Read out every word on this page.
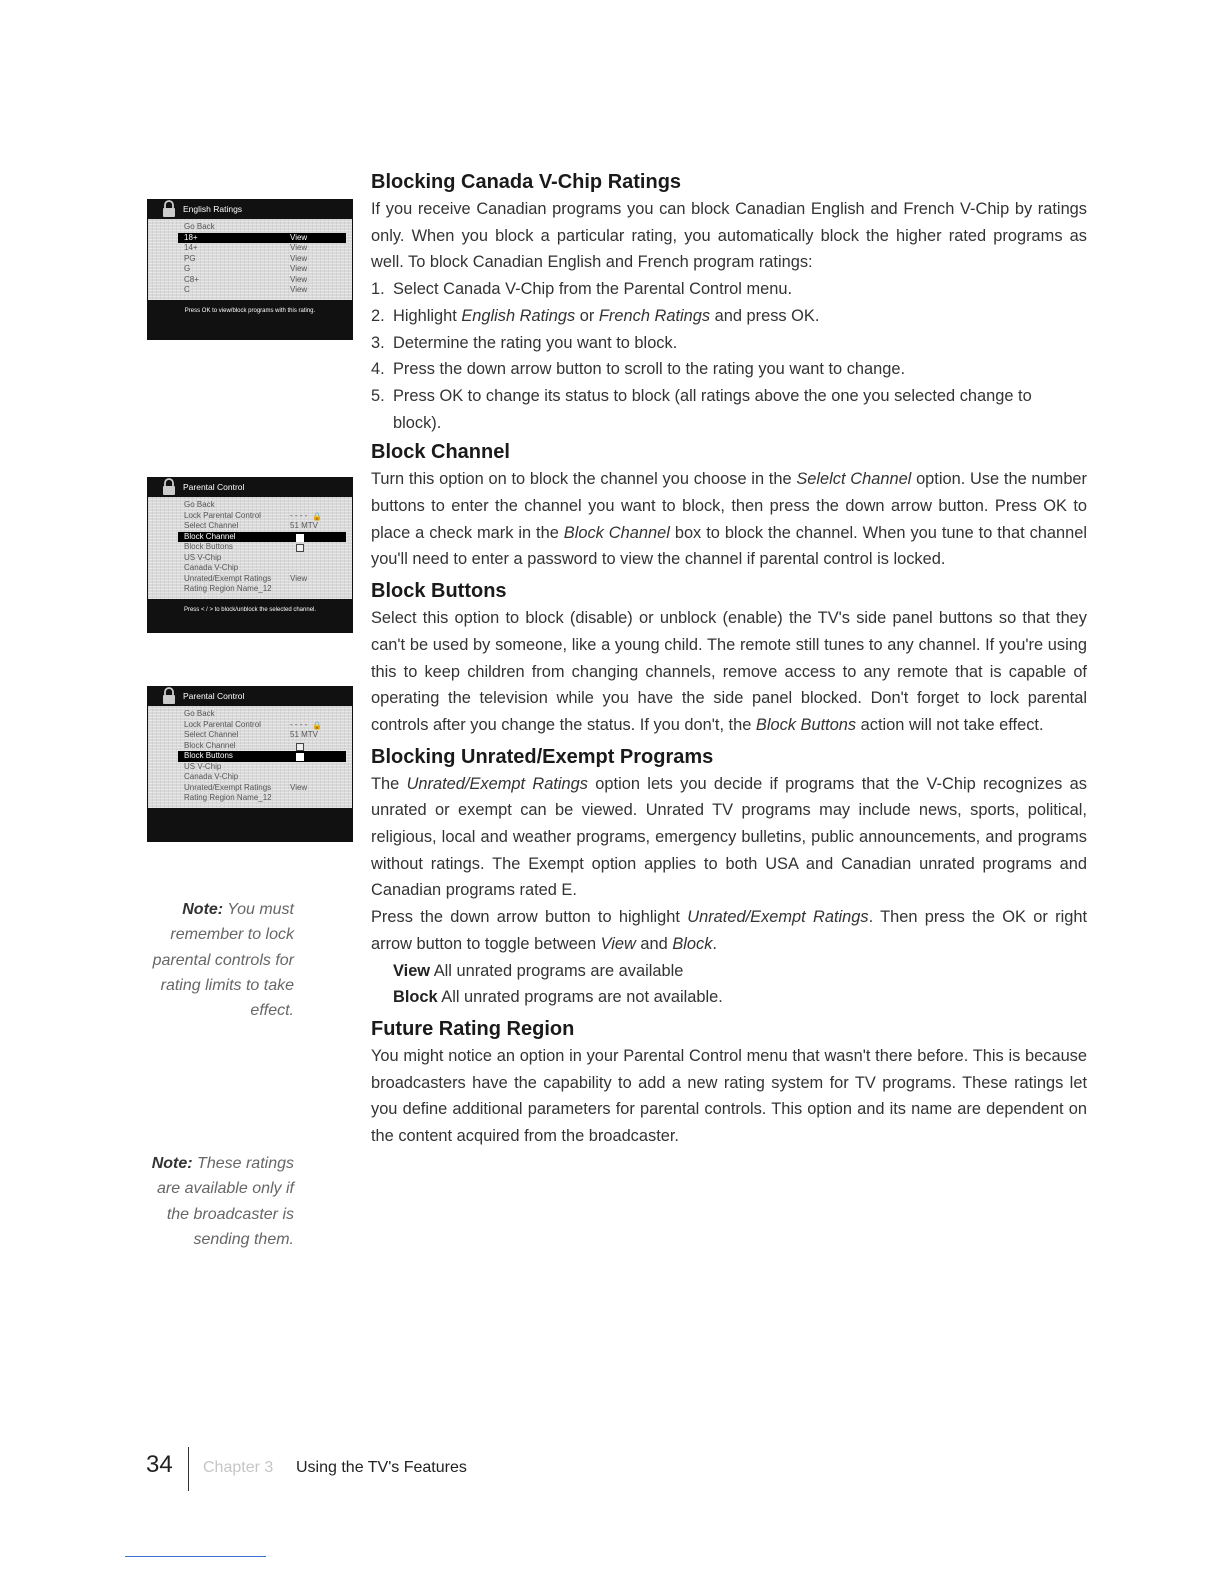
English Ratings
Go Back
18+	View
14+	View
PG	View
G	View
C8+	View
C	View
Press OK to view/block programs with this rating.
Parental Control
Go Back
Lock Parental Control	- - - - 🔒
Select Channel	51 MTV
Block Channel
Block Buttons
US V-Chip
Canada V-Chip
Unrated/Exempt Ratings View
Rating Region Name_12
Press < / > to block/unblock the selected channel.
Parental Control
Go Back
Lock Parental Control	- - - - 🔒
Select Channel	51 MTV
Block Channel
Block Buttons
US V-Chip
Canada V-Chip
Unrated/Exempt Ratings View
Rating Region Name_12
Note: You must remember to lock parental controls for rating limits to take effect.
Note: These ratings are available only if the broadcaster is sending them.
Blocking Canada V-Chip Ratings

If you receive Canadian programs you can block Canadian English and French V-Chip by ratings only. When you block a particular rating, you automatically block the higher rated programs as well. To block Canadian English and French program ratings:

1. Select Canada V-Chip from the Parental Control menu.
2. Highlight English Ratings or French Ratings and press OK.
3. Determine the rating you want to block.
4. Press the down arrow button to scroll to the rating you want to change.
5. Press OK to change its status to block (all ratings above the one you selected change to
block).
Block Channel

Turn this option on to block the channel you choose in the Selelct Channel option. Use the number buttons to enter the channel you want to block, then press the down arrow button. Press OK to place a check mark in the Block Channel box to block the channel. When you tune to that channel you'll need to enter a password to view the channel if parental control is locked.

Block Buttons

Select this option to block (disable) or unblock (enable) the TV's side panel buttons so that they can't be used by someone, like a young child. The remote still tunes to any channel. If you're using this to keep children from changing channels, remove access to any remote that is capable of operating the television while you have the side panel blocked. Don't forget to lock parental controls after you change the status. If you don't, the Block Buttons action will not take effect.

Blocking Unrated/Exempt Programs

The Unrated/Exempt Ratings option lets you decide if programs that the V-Chip recognizes as unrated or exempt can be viewed. Unrated TV programs may include news, sports, political, religious, local and weather programs, emergency bulletins, public announcements, and programs without ratings. The Exempt option applies to both USA and Canadian unrated programs and Canadian programs rated E.

Press the down arrow button to highlight Unrated/Exempt Ratings. Then press the OK or right arrow button to toggle between View and Block.

View All unrated programs are available
Block All unrated programs are not available.
Future Rating Region

You might notice an option in your Parental Control menu that wasn't there before. This is because broadcasters have the capability to add a new rating system for TV programs. These ratings let you define additional parameters for parental controls. This option and its name are dependent on the content acquired from the broadcaster.

34 Chapter 3 Using the TV's Features
